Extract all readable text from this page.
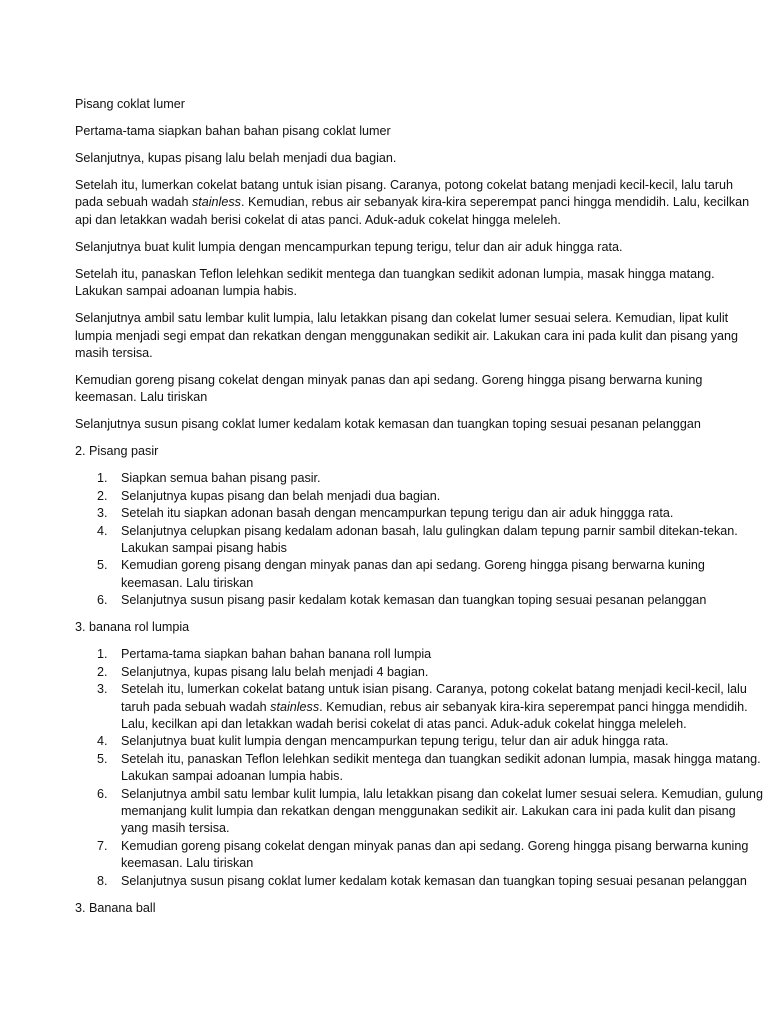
Pisang coklat lumer

Pertama-tama siapkan bahan bahan pisang coklat lumer

Selanjutnya, kupas pisang lalu belah menjadi dua bagian.

Setelah itu, lumerkan cokelat batang untuk isian pisang. Caranya, potong cokelat batang menjadi kecil-kecil, lalu taruh pada sebuah wadah stainless. Kemudian, rebus air sebanyak kira-kira seperempat panci hingga mendidih. Lalu, kecilkan api dan letakkan wadah berisi cokelat di atas panci. Aduk-aduk cokelat hingga meleleh.

Selanjutnya buat kulit lumpia dengan mencampurkan tepung terigu, telur dan air aduk hingga rata.

Setelah itu, panaskan Teflon lelehkan sedikit mentega dan tuangkan sedikit adonan lumpia, masak hingga matang. Lakukan sampai adoanan lumpia habis.

Selanjutnya ambil satu lembar kulit lumpia, lalu letakkan pisang dan cokelat lumer sesuai selera. Kemudian, lipat kulit lumpia menjadi segi empat dan rekatkan dengan menggunakan sedikit air. Lakukan cara ini pada kulit dan pisang yang masih tersisa.

Kemudian goreng pisang cokelat dengan minyak panas dan api sedang. Goreng hingga pisang berwarna kuning keemasan. Lalu tiriskan

Selanjutnya susun pisang coklat lumer kedalam kotak kemasan dan tuangkan toping sesuai pesanan pelanggan

2. Pisang pasir

1. Siapkan semua bahan pisang pasir.
2. Selanjutnya kupas pisang dan belah menjadi dua bagian.
3. Setelah itu siapkan adonan basah dengan mencampurkan tepung terigu dan air aduk hinggga rata.
4. Selanjutnya celupkan pisang kedalam adonan basah, lalu gulingkan dalam tepung parnir sambil ditekan-tekan. Lakukan sampai pisang habis
5. Kemudian goreng pisang dengan minyak panas dan api sedang. Goreng hingga pisang berwarna kuning keemasan. Lalu tiriskan
6. Selanjutnya susun pisang pasir kedalam kotak kemasan dan tuangkan toping sesuai pesanan pelanggan

3. banana rol lumpia

1. Pertama-tama siapkan bahan bahan banana roll lumpia
2. Selanjutnya, kupas pisang lalu belah menjadi 4 bagian.
3. Setelah itu, lumerkan cokelat batang untuk isian pisang. Caranya, potong cokelat batang menjadi kecil-kecil, lalu taruh pada sebuah wadah stainless. Kemudian, rebus air sebanyak kira-kira seperempat panci hingga mendidih. Lalu, kecilkan api dan letakkan wadah berisi cokelat di atas panci. Aduk-aduk cokelat hingga meleleh.
4. Selanjutnya buat kulit lumpia dengan mencampurkan tepung terigu, telur dan air aduk hingga rata.
5. Setelah itu, panaskan Teflon lelehkan sedikit mentega dan tuangkan sedikit adonan lumpia, masak hingga matang. Lakukan sampai adoanan lumpia habis.
6. Selanjutnya ambil satu lembar kulit lumpia, lalu letakkan pisang dan cokelat lumer sesuai selera. Kemudian, gulung memanjang kulit lumpia dan rekatkan dengan menggunakan sedikit air. Lakukan cara ini pada kulit dan pisang yang masih tersisa.
7. Kemudian goreng pisang cokelat dengan minyak panas dan api sedang. Goreng hingga pisang berwarna kuning keemasan. Lalu tiriskan
8. Selanjutnya susun pisang coklat lumer kedalam kotak kemasan dan tuangkan toping sesuai pesanan pelanggan

3. Banana ball
